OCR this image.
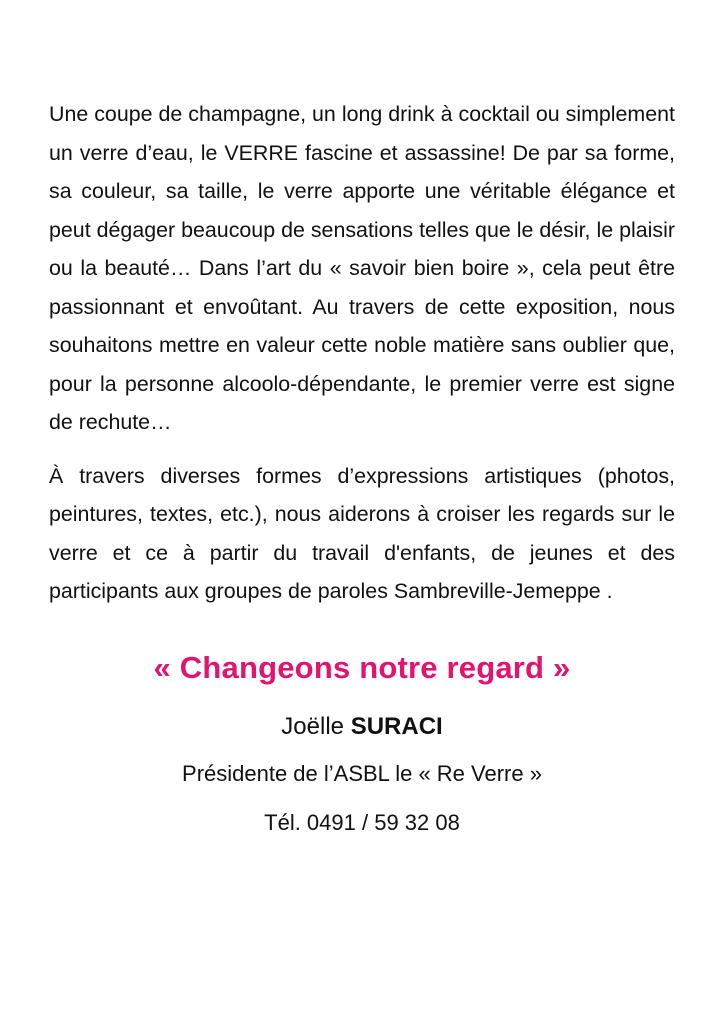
Une coupe de champagne, un long drink à cocktail ou simplement un verre d’eau, le VERRE fascine et assassine! De par sa forme, sa couleur, sa taille, le verre apporte une véritable élégance et peut dégager beaucoup de sensations telles que le désir, le plaisir ou la beauté… Dans l’art du « savoir bien boire », cela peut être passionnant et envoûtant. Au travers de cette exposition, nous souhaitons mettre en valeur cette noble matière sans oublier que, pour la personne alcoolo-dépendante, le premier verre est signe de rechute…

À travers diverses formes d’expressions artistiques (photos, peintures, textes, etc.), nous aiderons à croiser les regards sur le verre et ce à partir du travail d'enfants, de jeunes et des participants aux groupes de paroles Sambreville-Jemeppe .

« Changeons notre regard »
Joëlle SURACI
Présidente de l’ASBL le « Re Verre »
Tél. 0491 / 59 32 08
